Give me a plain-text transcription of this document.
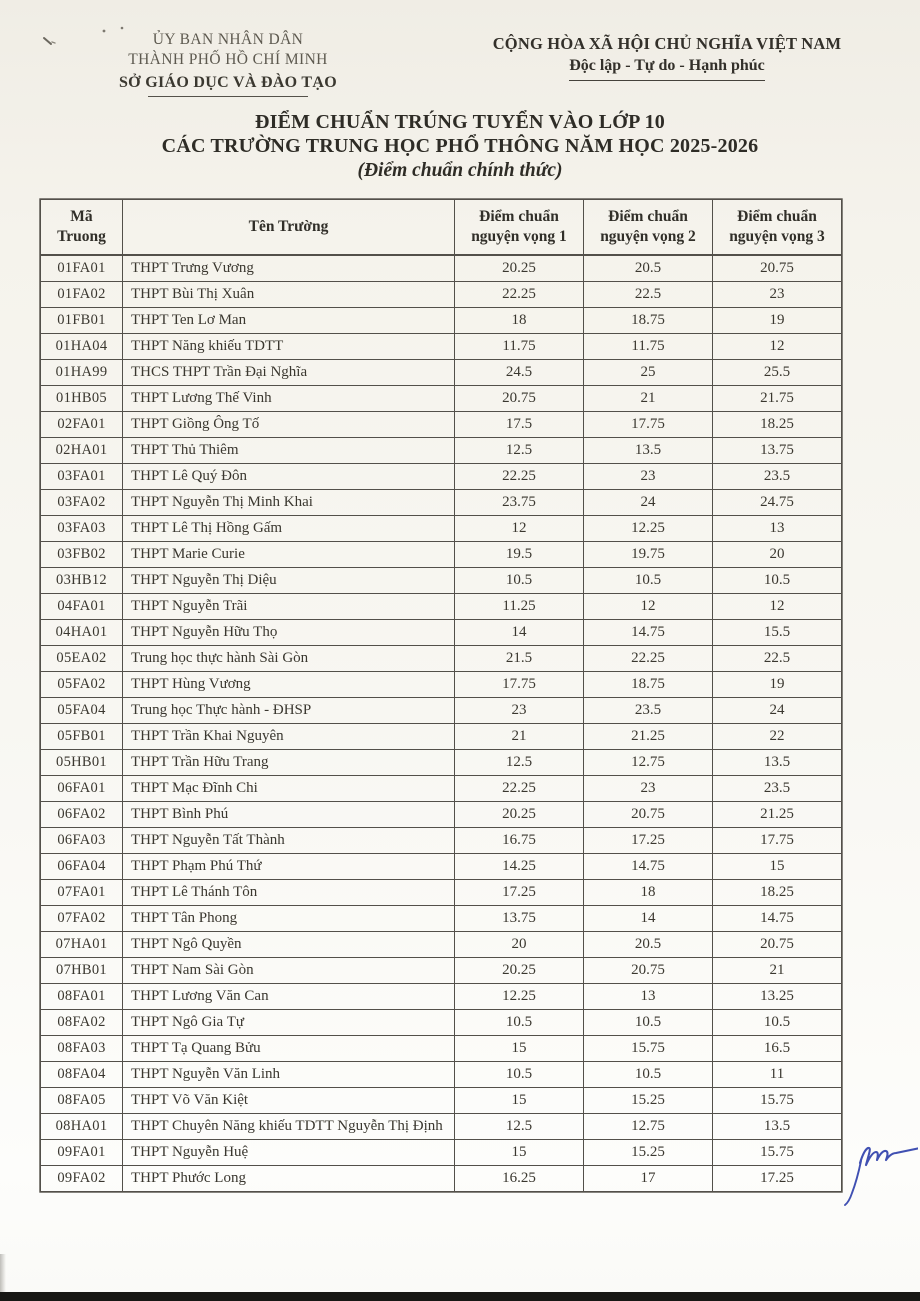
ỦY BAN NHÂN DÂN
THÀNH PHỐ HỒ CHÍ MINH
SỞ GIÁO DỤC VÀ ĐÀO TẠO
CỘNG HÒA XÃ HỘI CHỦ NGHĨA VIỆT NAM
Độc lập - Tự do - Hạnh phúc
ĐIỂM CHUẨN TRÚNG TUYỂN VÀO LỚP 10
CÁC TRƯỜNG TRUNG HỌC PHỔ THÔNG NĂM HỌC 2025-2026
(Điểm chuẩn chính thức)
Mã Truong	Tên Trường	Điểm chuẩn nguyện vọng 1	Điểm chuẩn nguyện vọng 2	Điểm chuẩn nguyện vọng 3
01FA01	THPT Trưng Vương	20.25	20.5	20.75
01FA02	THPT Bùi Thị Xuân	22.25	22.5	23
01FB01	THPT Ten Lơ Man	18	18.75	19
01HA04	THPT Năng khiếu TDTT	11.75	11.75	12
01HA99	THCS THPT Trần Đại Nghĩa	24.5	25	25.5
01HB05	THPT Lương Thế Vinh	20.75	21	21.75
02FA01	THPT Giồng Ông Tố	17.5	17.75	18.25
02HA01	THPT Thủ Thiêm	12.5	13.5	13.75
03FA01	THPT Lê Quý Đôn	22.25	23	23.5
03FA02	THPT Nguyễn Thị Minh Khai	23.75	24	24.75
03FA03	THPT Lê Thị Hồng Gấm	12	12.25	13
03FB02	THPT Marie Curie	19.5	19.75	20
03HB12	THPT Nguyễn Thị Diệu	10.5	10.5	10.5
04FA01	THPT Nguyễn Trãi	11.25	12	12
04HA01	THPT Nguyễn Hữu Thọ	14	14.75	15.5
05EA02	Trung học thực hành Sài Gòn	21.5	22.25	22.5
05FA02	THPT Hùng Vương	17.75	18.75	19
05FA04	Trung học Thực hành - ĐHSP	23	23.5	24
05FB01	THPT Trần Khai Nguyên	21	21.25	22
05HB01	THPT Trần Hữu Trang	12.5	12.75	13.5
06FA01	THPT Mạc Đĩnh Chi	22.25	23	23.5
06FA02	THPT Bình Phú	20.25	20.75	21.25
06FA03	THPT Nguyễn Tất Thành	16.75	17.25	17.75
06FA04	THPT Phạm Phú Thứ	14.25	14.75	15
07FA01	THPT Lê Thánh Tôn	17.25	18	18.25
07FA02	THPT Tân Phong	13.75	14	14.75
07HA01	THPT Ngô Quyền	20	20.5	20.75
07HB01	THPT Nam Sài Gòn	20.25	20.75	21
08FA01	THPT Lương Văn Can	12.25	13	13.25
08FA02	THPT Ngô Gia Tự	10.5	10.5	10.5
08FA03	THPT Tạ Quang Bửu	15	15.75	16.5
08FA04	THPT Nguyễn Văn Linh	10.5	10.5	11
08FA05	THPT Võ Văn Kiệt	15	15.25	15.75
08HA01	THPT Chuyên Năng khiếu TDTT Nguyễn Thị Định	12.5	12.75	13.5
09FA01	THPT Nguyễn Huệ	15	15.25	15.75
09FA02	THPT Phước Long	16.25	17	17.25
